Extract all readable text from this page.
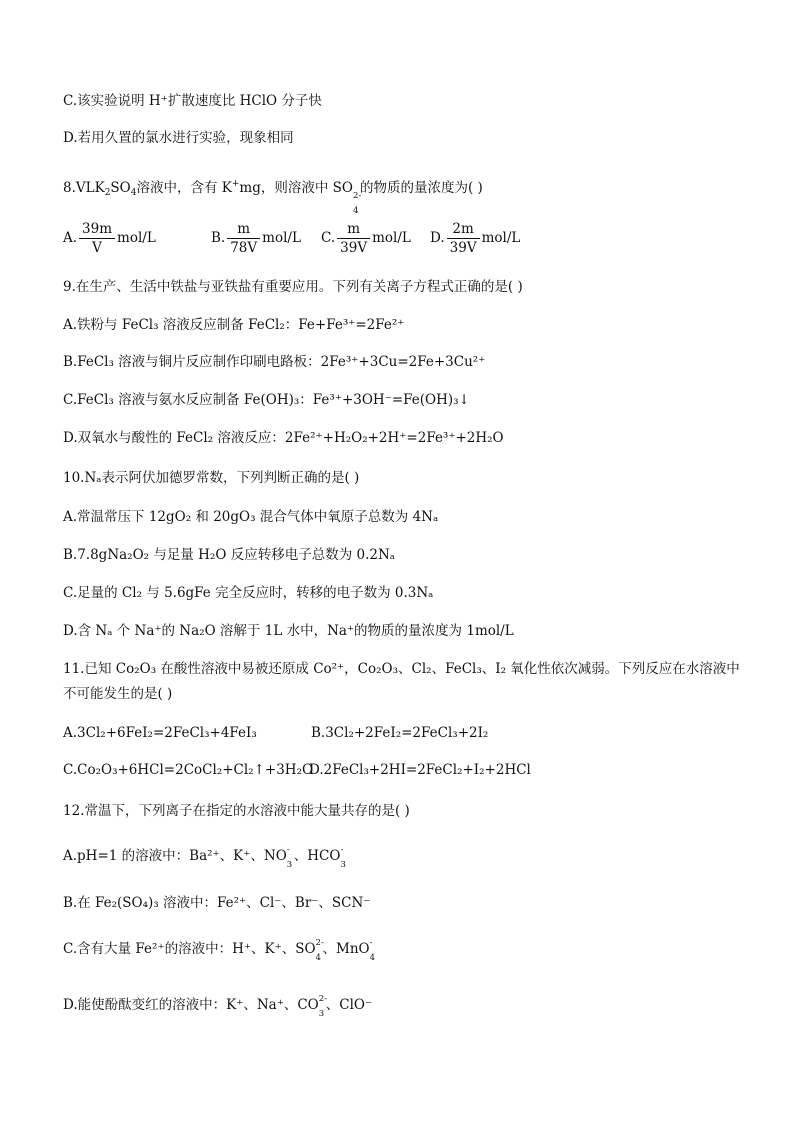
C.该实验说明 H⁺扩散速度比 HClO 分子快
D.若用久置的氯水进行实验，现象相同
$8.VLK_2SO_4$溶液中，含有 K+mg，则溶液中 SO 2-
4
的物质的量浓度为( )
A. $\frac{39m}{V} mol/L$	B. $\frac{m}{78V} mol/L$ C. $\frac{m}{39V} mol/L$ D. $\frac{2m}{39V} mol/L$
9.在生产、生活中铁盐与亚铁盐有重要应用。下列有关离子方程式正确的是( )
A.铁粉与 FeCl₃ 溶液反应制备 FeCl₂：Fe+Fe³⁺=2Fe²⁺
B.FeCl₃ 溶液与铜片反应制作印刷电路板：2Fe³⁺+3Cu=2Fe+3Cu²⁺
C.FeCl₃ 溶液与氨水反应制备 Fe(OH)₃：Fe³⁺+3OH⁻=Fe(OH)₃↓
D.双氧水与酸性的 FeCl₂ 溶液反应：2Fe²⁺+H₂O₂+2H⁺=2Fe³⁺+2H₂O
10.Nₐ表示阿伏加德罗常数，下列判断正确的是( )
A.常温常压下 12gO₂ 和 20gO₃ 混合气体中氧原子总数为 4Nₐ
B.7.8gNa₂O₂ 与足量 H₂O 反应转移电子总数为 0.2Nₐ
C.足量的 Cl₂ 与 5.6gFe 完全反应时，转移的电子数为 0.3Nₐ
D.含 Nₐ 个 Na⁺的 Na₂O 溶解于 1L 水中，Na⁺的物质的量浓度为 1mol/L
11.已知 Co₂O₃ 在酸性溶液中易被还原成 Co²⁺，Co₂O₃、Cl₂、FeCl₃、I₂ 氧化性依次减弱。下列反应在水溶液中
不可能发生的是( )
A.3Cl₂+6FeI₂=2FeCl₃+4FeI₃	B.3Cl₂+2FeI₂=2FeCl₃+2I₂
C.Co₂O₃+6HCl=2CoCl₂+Cl₂↑+3H₂O
D.2FeCl₃+2HI=2FeCl₂+I₂+2HCl
12.常温下，下列离子在指定的水溶液中能大量共存的是( )
A.pH=1 的溶液中：Ba²⁺、K⁺、NO -
3
、HCO -
3
B.在 Fe₂(SO₄)₃ 溶液中：Fe²⁺、Cl⁻、Br⁻、SCN⁻
C.含有大量 Fe²⁺的溶液中：H⁺、K⁺、SO 2-
4
、MnO -
4
D.能使酚酞变红的溶液中：K⁺、Na⁺、CO 2-
3
、ClO⁻
